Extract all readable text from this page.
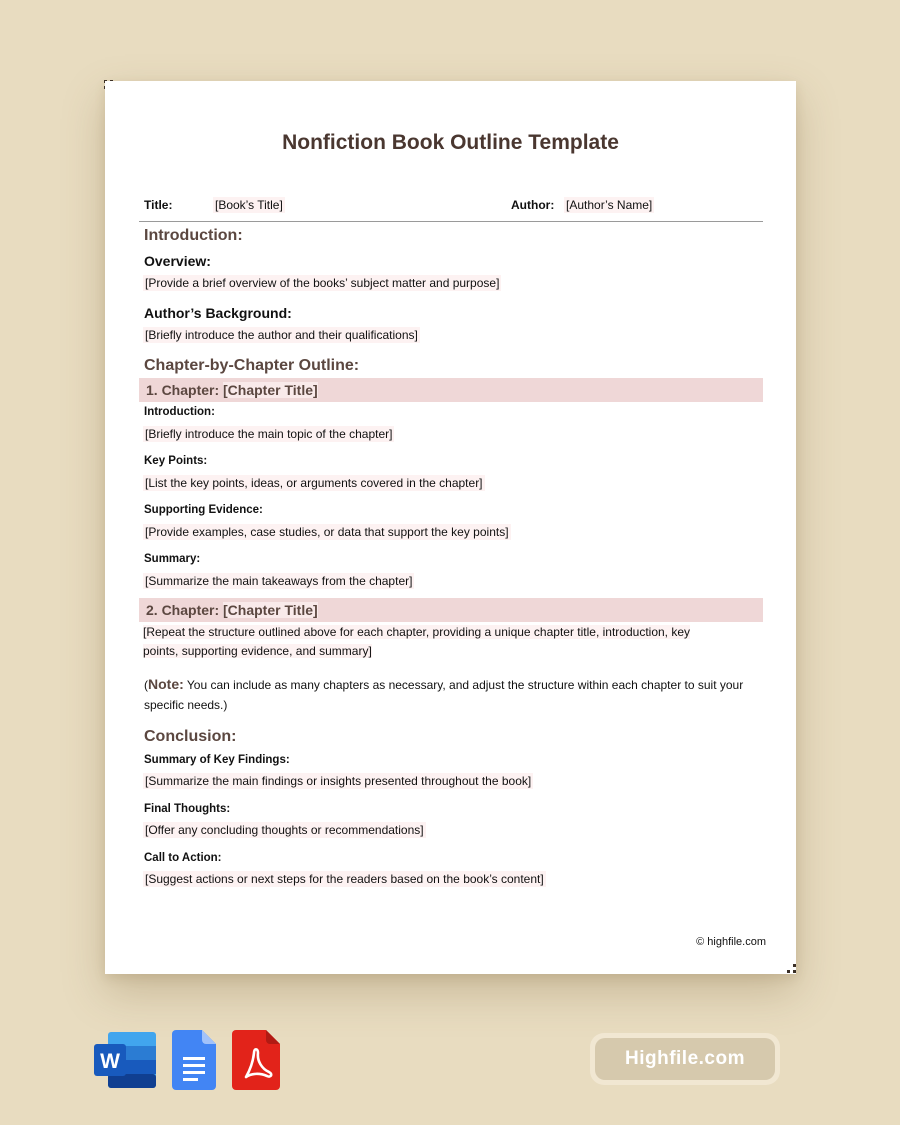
Nonfiction Book Outline Template
Title:	[Book’s Title]	Author: [Author’s Name]
Introduction:
Overview:
[Provide a brief overview of the books’ subject matter and purpose]
Author’s Background:
[Briefly introduce the author and their qualifications]
Chapter-by-Chapter Outline:
1. Chapter: [Chapter Title]
Introduction:
[Briefly introduce the main topic of the chapter]
Key Points:
[List the key points, ideas, or arguments covered in the chapter]
Supporting Evidence:
[Provide examples, case studies, or data that support the key points]
Summary:
[Summarize the main takeaways from the chapter]
2. Chapter: [Chapter Title]
[Repeat the structure outlined above for each chapter, providing a unique chapter title, introduction, key
points, supporting evidence, and summary]
(Note: You can include as many chapters as necessary, and adjust the structure within each chapter to suit your specific needs.)
Conclusion:
Summary of Key Findings:
[Summarize the main findings or insights presented throughout the book]
Final Thoughts:
[Offer any concluding thoughts or recommendations]
Call to Action:
[Suggest actions or next steps for the readers based on the book’s content]
© highfile.com
W	Highfile.com
